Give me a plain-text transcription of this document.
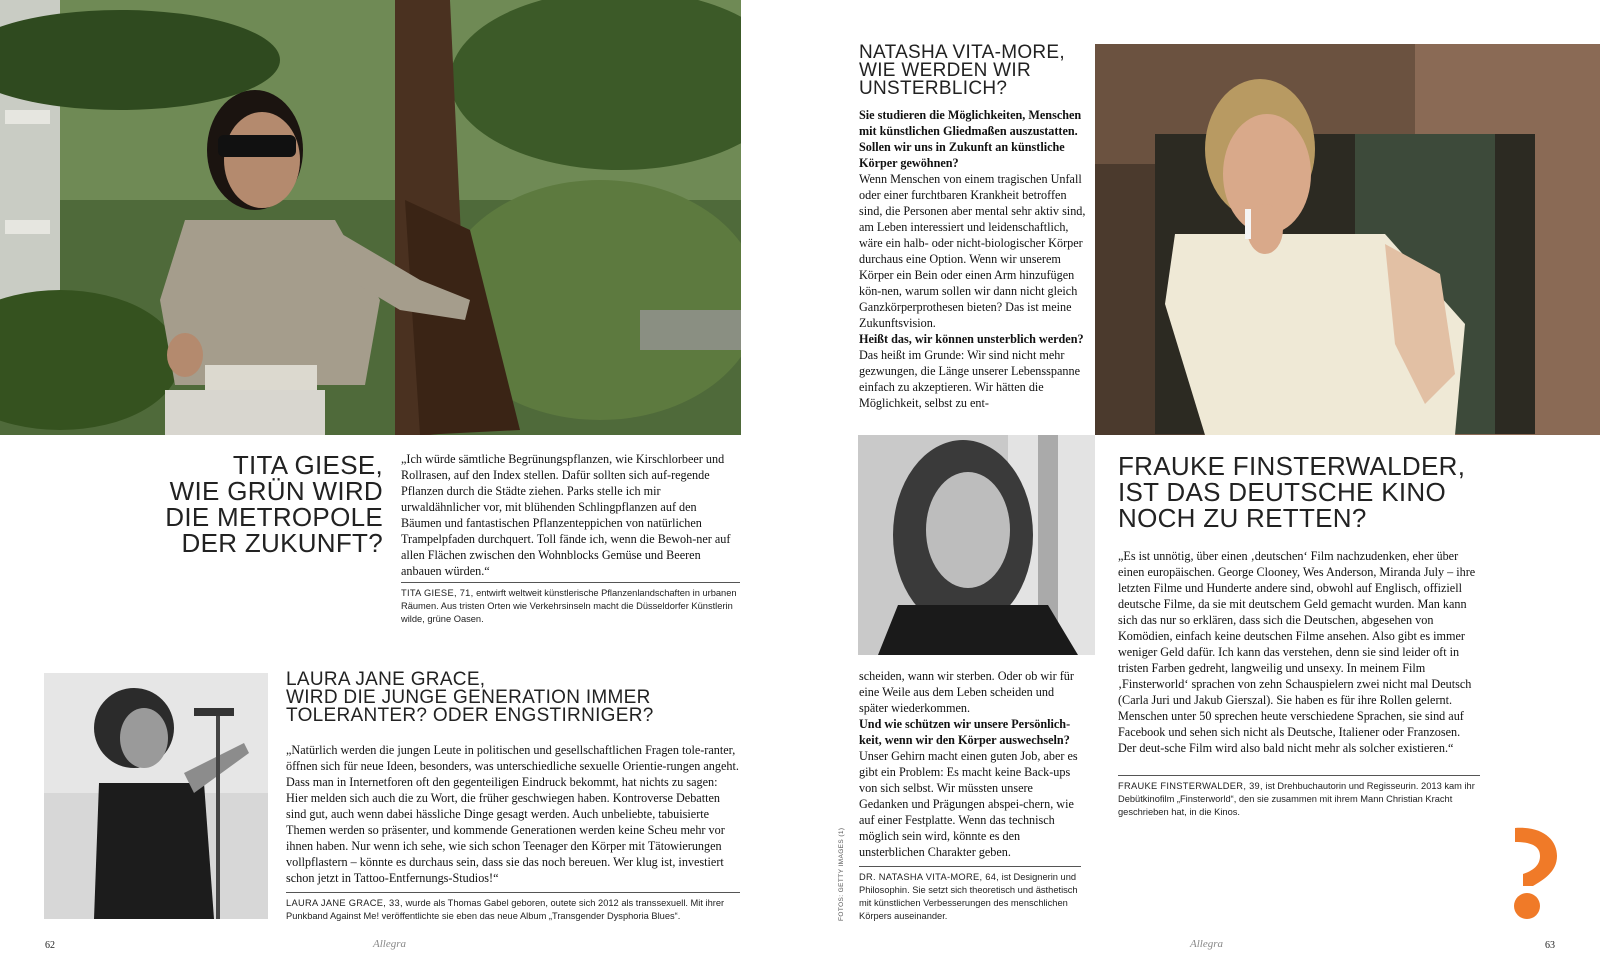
TITA GIESE,
WIE GRÜN WIRD
DIE METROPOLE
DER ZUKUNFT?
„Ich würde sämtliche Begrünungspflanzen, wie Kirschlorbeer und Rollrasen, auf den Index stellen. Dafür sollten sich auf-regende Pflanzen durch die Städte ziehen. Parks stelle ich mir urwaldähnlicher vor, mit blühenden Schlingpflanzen auf den Bäumen und fantastischen Pflanzenteppichen von natürlichen Trampelpfaden durchquert. Toll fände ich, wenn die Bewoh-ner auf allen Flächen zwischen den Wohnblocks Gemüse und Beeren anbauen würden.“
TITA GIESE, 71, entwirft weltweit künstlerische Pflanzenlandschaften in urbanen Räumen. Aus tristen Orten wie Verkehrsinseln macht die Düsseldorfer Künstlerin wilde, grüne Oasen.
LAURA JANE GRACE,
WIRD DIE JUNGE GENERATION IMMER
TOLERANTER? ODER ENGSTIRNIGER?
„Natürlich werden die jungen Leute in politischen und gesellschaftlichen Fragen tole-ranter, öffnen sich für neue Ideen, besonders, was unterschiedliche sexuelle Orientie-rungen angeht. Dass man in Internetforen oft den gegenteiligen Eindruck bekommt, hat nichts zu sagen: Hier melden sich auch die zu Wort, die früher geschwiegen haben. Kontroverse Debatten sind gut, auch wenn dabei hässliche Dinge gesagt werden. Auch unbeliebte, tabuisierte Themen werden so präsenter, und kommende Generationen werden keine Scheu mehr vor ihnen haben. Nur wenn ich sehe, wie sich schon Teenager den Körper mit Tätowierungen vollpflastern – könnte es durchaus sein, dass sie das noch bereuen. Wer klug ist, investiert schon jetzt in Tattoo-Entfernungs-Studios!“
LAURA JANE GRACE, 33, wurde als Thomas Gabel geboren, outete sich 2012 als transsexuell. Mit ihrer Punkband Against Me! veröffentlichte sie eben das neue Album „Transgender Dysphoria Blues“.
NATASHA VITA-MORE,
WIE WERDEN WIR
UNSTERBLICH?

Sie studieren die Möglichkeiten, Menschen mit künstlichen Gliedmaßen auszustatten. Sollen wir uns in Zukunft an künstliche Körper gewöhnen?

Wenn Menschen von einem tragischen Unfall oder einer furchtbaren Krankheit betroffen sind, die Personen aber mental sehr aktiv sind, am Leben interessiert und leidenschaftlich, wäre ein halb- oder nicht-biologischer Körper durchaus eine Option. Wenn wir unserem Körper ein Bein oder einen Arm hinzufügen kön-nen, warum sollen wir dann nicht gleich Ganzkörperprothesen bieten? Das ist meine Zukunftsvision.

Heißt das, wir können unsterblich werden?

Das heißt im Grunde: Wir sind nicht mehr gezwungen, die Länge unserer Lebensspanne einfach zu akzeptieren. Wir hätten die Möglichkeit, selbst zu ent-

scheiden, wann wir sterben. Oder ob wir für eine Weile aus dem Leben scheiden und später wiederkommen.

Und wie schützen wir unsere Persönlich-keit, wenn wir den Körper auswechseln?

Unser Gehirn macht einen guten Job, aber es gibt ein Problem: Es macht keine Back-ups von sich selbst. Wir müssten unsere Gedanken und Prägungen abspei-chern, wie auf einer Festplatte. Wenn das technisch möglich sein wird, könnte es den unsterblichen Charakter geben.

DR. NATASHA VITA-MORE, 64, ist Designerin und Philosophin. Sie setzt sich theoretisch und ästhetisch mit künstlichen Verbesserungen des menschlichen Körpers auseinander.
FRAUKE FINSTERWALDER,
IST DAS DEUTSCHE KINO
NOCH ZU RETTEN?
„Es ist unnötig, über einen ‚deutschen‘ Film nachzudenken, eher über einen europäischen. George Clooney, Wes Anderson, Miranda July – ihre letzten Filme und Hunderte andere sind, obwohl auf Englisch, offiziell deutsche Filme, da sie mit deutschem Geld gemacht wurden. Man kann sich das nur so erklären, dass sich die Deutschen, abgesehen von Komödien, einfach keine deutschen Filme ansehen. Also gibt es immer weniger Geld dafür. Ich kann das verstehen, denn sie sind leider oft in tristen Farben gedreht, langweilig und unsexy. In meinem Film ‚Finsterworld‘ sprachen von zehn Schauspielern zwei nicht mal Deutsch (Carla Juri und Jakub Gierszal). Sie haben es für ihre Rollen gelernt. Menschen unter 50 sprechen heute verschiedene Sprachen, sie sind auf Facebook und sehen sich nicht als Deutsche, Italiener oder Franzosen. Der deut-sche Film wird also bald nicht mehr als solcher existieren.“
FRAUKE FINSTERWALDER, 39, ist Drehbuchautorin und Regisseurin. 2013 kam ihr Debütkinofilm „Finsterworld“, den sie zusammen mit ihrem Mann Christian Kracht geschrieben hat, in die Kinos.
FOTOS: GETTY IMAGES (1)
62	Allegra	Allegra	63
